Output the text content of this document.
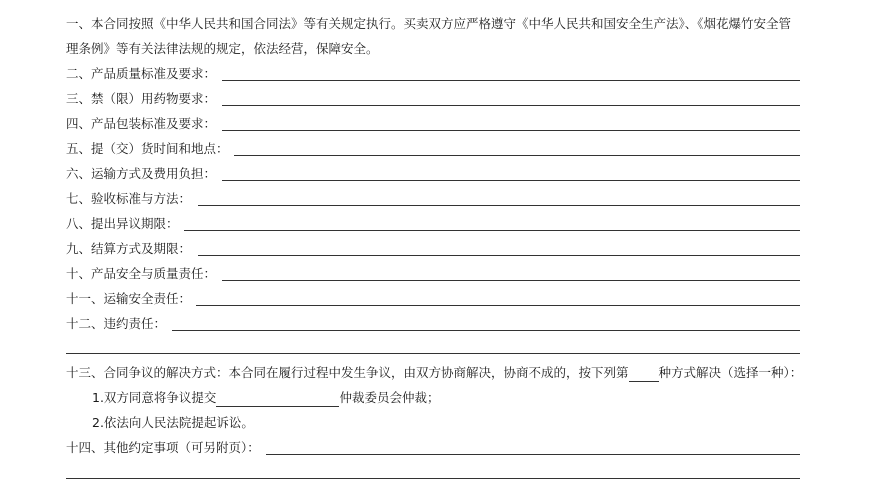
一、本合同按照《中华人民共和国合同法》等有关规定执行。买卖双方应严格遵守《中华人民共和国安全生产法》、《烟花爆竹安全管
理条例》等有关法律法规的规定，依法经营，保障安全。
二、产品质量标准及要求：
三、禁（限）用药物要求：
四、产品包装标准及要求：
五、提（交）货时间和地点：
六、运输方式及费用负担：
七、验收标准与方法：
八、提出异议期限：
九、结算方式及期限：
十、产品安全与质量责任：
十一、运输安全责任：
十二、违约责任：
十三、合同争议的解决方式：本合同在履行过程中发生争议，由双方协商解决，协商不成的，按下列第 种方式解决（选择一种）：
1.双方同意将争议提交	仲裁委员会仲裁；
2.依法向人民法院提起诉讼。
十四、其他约定事项（可另附页）：
